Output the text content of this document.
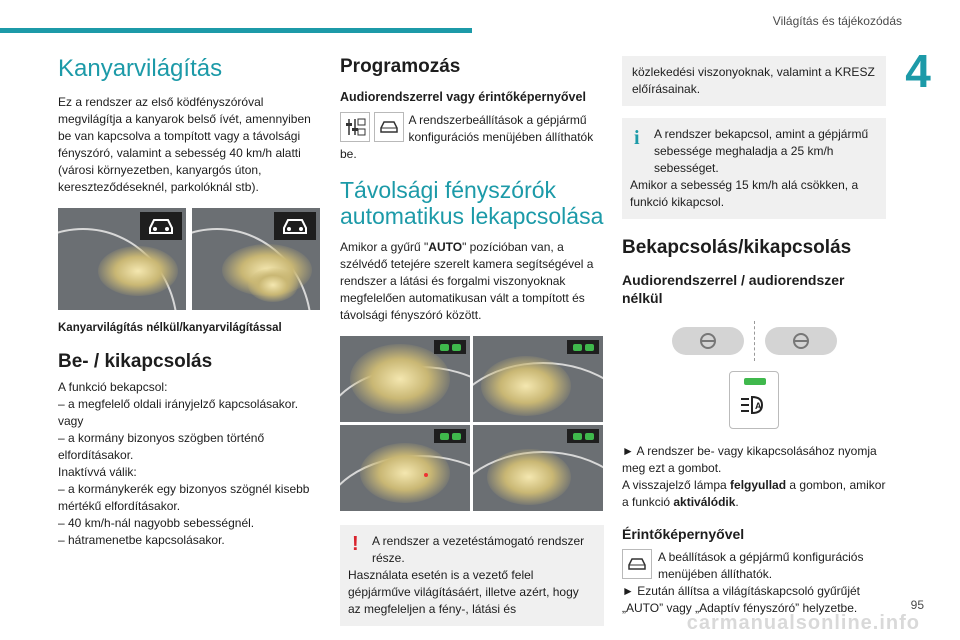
Világítás és tájékozódás
4
Kanyarvilágítás

Ez a rendszer az első ködfényszóróval megvilágítja a kanyarok belső ívét, amennyiben be van kapcsolva a tompított vagy a távolsági fényszóró, valamint a sebesség 40 km/h alatti (városi környezetben, kanyargós úton, kereszteződéseknél, parkolóknál stb).

Kanyarvilágítás nélkül/kanyarvilágítással

Be- / kikapcsolás

A funkció bekapcsol:

– a megfelelő oldali irányjelző kapcsolásakor.

vagy

– a kormány bizonyos szögben történő elfordításakor.

Inaktívvá válik:

– a kormánykerék egy bizonyos szögnél kisebb mértékű elfordításakor.

– 40 km/h-nál nagyobb sebességnél.

– hátramenetbe kapcsolásakor.

Programozás
Audiorendszerrel vagy érintőképernyővel

A rendszerbeállítások a gépjármű konfigurációs menüjében állíthatók be.

Távolsági fényszórók automatikus lekapcsolása

Amikor a gyűrű "AUTO" pozícióban van, a szélvédő tetejére szerelt kamera segítségével a rendszer a látási és forgalmi viszonyoknak megfelelően automatikusan vált a tompított és távolsági fényszóró között.

!	A rendszer a vezetéstámogató rendszer része.

Használata esetén is a vezető felel gépjárműve világításáért, illetve azért, hogy az megfeleljen a fény-, látási és

közlekedési viszonyoknak, valamint a KRESZ előírásainak.

i	A rendszer bekapcsol, amint a gépjármű sebessége meghaladja a 25 km/h sebességet.

Amikor a sebesség 15 km/h alá csökken, a funkció kikapcsol.

Bekapcsolás/kikapcsolás
Audiorendszerrel / audiorendszer nélkül
A

► A rendszer be- vagy kikapcsolásához nyomja meg ezt a gombot.

A visszajelző lámpa felgyullad a gombon, amikor a funkció aktiválódik.

Érintőképernyővel

A beállítások a gépjármű konfigurációs menüjében állíthatók.

► Ezután állítsa a világításkapcsoló gyűrűjét „AUTO” vagy „Adaptív fényszóró” helyzetbe.	95
carmanualsonline.info
